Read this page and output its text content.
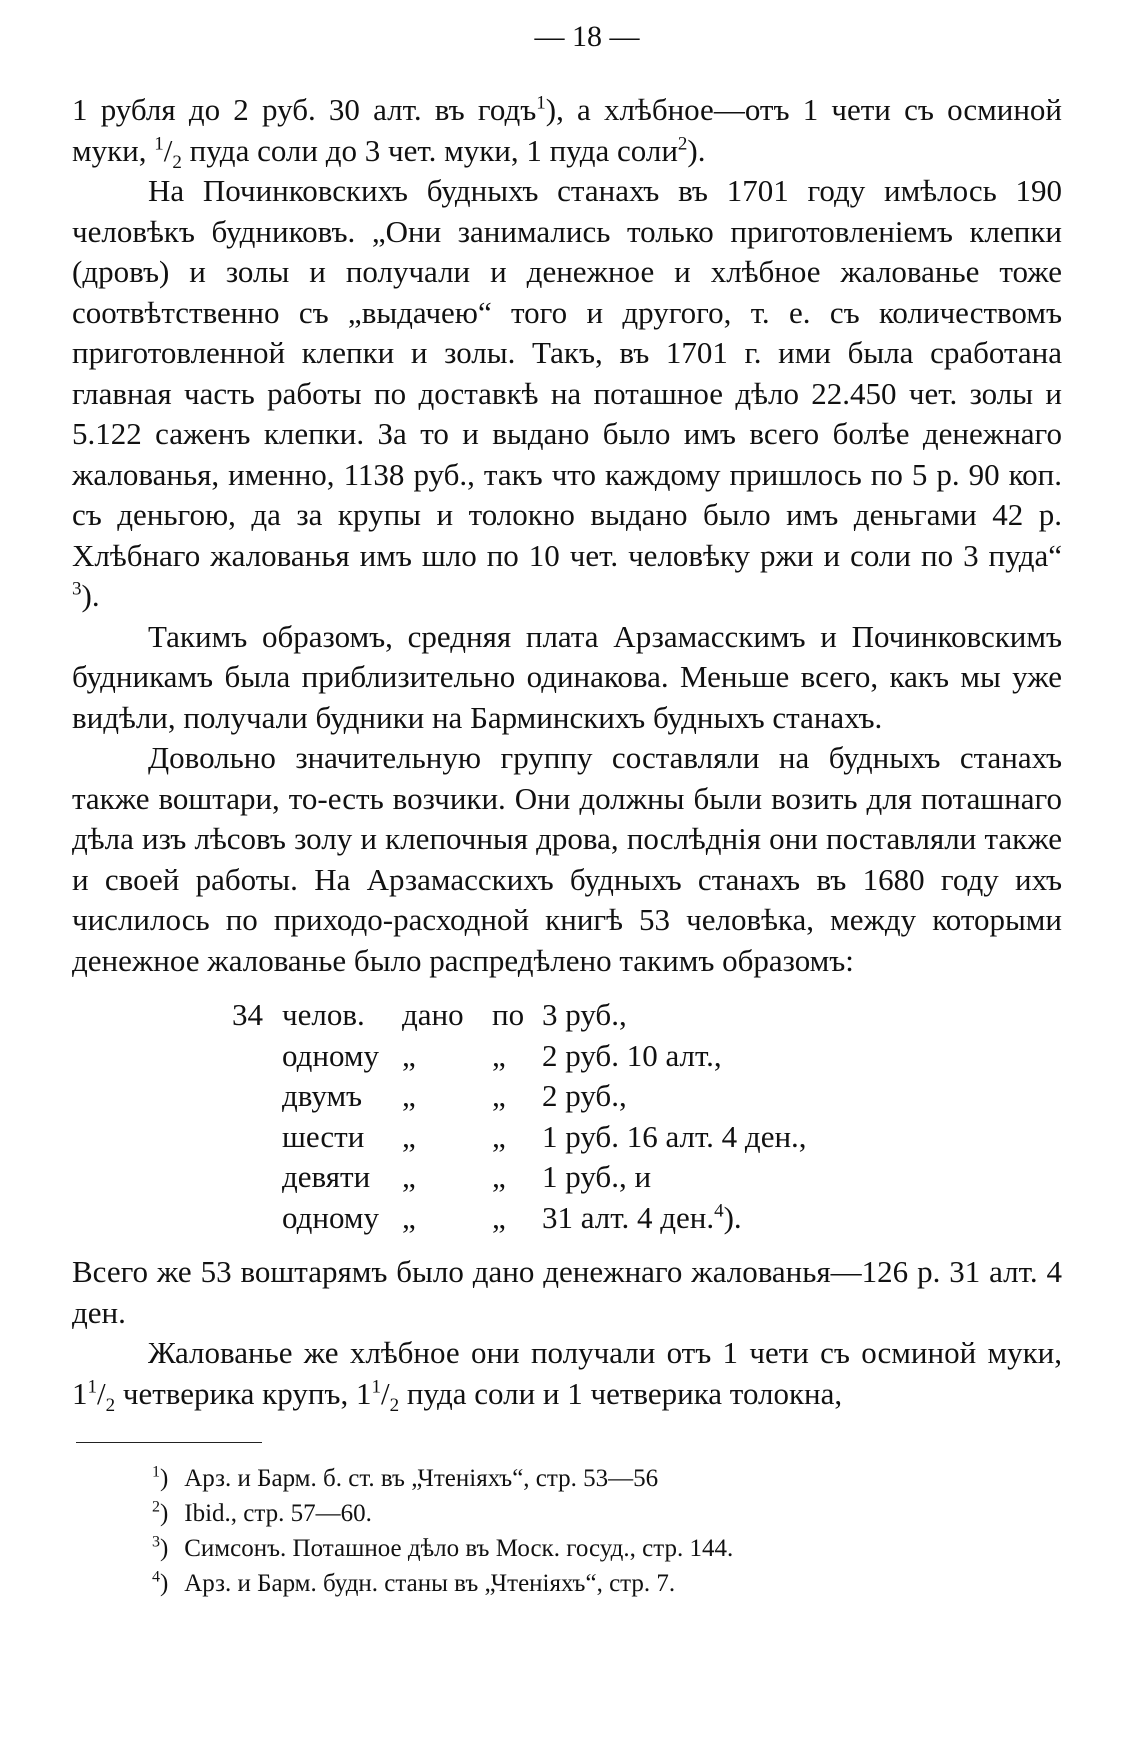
— 18 —

1 рубля до 2 руб. 30 алт. въ годъ$^1$), а хлѣбное—отъ 1 чети съ осминой муки, $^1/_2$ пуда соли до 3 чет. муки, 1 пуда соли$^2$).

На Починковскихъ будныхъ станахъ въ 1701 году имѣлось 190 человѣкъ будниковъ. „Они занимались только приготовленіемъ клепки (дровъ) и золы и получали и денежное и хлѣбное жалованье тоже соотвѣтственно съ „выдачею“ того и другого, т. е. съ количествомъ приготовленной клепки и золы. Такъ, въ 1701 г. ими была сработана главная часть работы по доставкѣ на поташное дѣло 22.450 чет. золы и 5.122 саженъ клепки. За то и выдано было имъ всего болѣе денежнаго жалованья, именно, 1138 руб., такъ что каждому пришлось по 5 р. 90 коп. съ деньгою, да за крупы и толокно выдано было имъ деньгами 42 р. Хлѣбнаго жалованья имъ шло по 10 чет. человѣку ржи и соли по 3 пуда“ $^3$).

Такимъ образомъ, средняя плата Арзамасскимъ и Починковскимъ будникамъ была приблизительно одинакова. Меньше всего, какъ мы уже видѣли, получали будники на Барминскихъ будныхъ станахъ.

Довольно значительную группу составляли на будныхъ станахъ также воштари, то-есть возчики. Они должны были возить для поташнаго дѣла изъ лѣсовъ золу и клепочныя дрова, послѣднія они поставляли также и своей работы. На Арзамасскихъ будныхъ станахъ въ 1680 году ихъ числилось по приходо-расходной книгѣ 53 человѣка, между которыми денежное жалованье было распредѣлено такимъ образомъ:

34	челов.	дано	по	3 руб.,
	одному	„	„	2 руб. 10 алт.,
	двумъ	„	„	2 руб.,
	шести	„	„	1 руб. 16 алт. 4 ден.,
	девяти	„	„	1 руб., и
	одному	„	„	31 алт. 4 ден.$^4$).

Всего же 53 воштарямъ было дано денежнаго жалованья—126 р. 31 алт. 4 ден.

Жалованье же хлѣбное они получали отъ 1 чети съ осминой муки, $1^1/_2$ четверика крупъ, $1^1/_2$ пуда соли и 1 четверика толокна,

$^1$) Арз. и Барм. б. ст. въ „Чтеніяхъ“, стр. 53—56
$^2$) Ibid., стр. 57—60.
$^3$) Симсонъ. Поташное дѣло въ Моск. госуд., стр. 144.
$^4$) Арз. и Барм. будн. станы въ „Чтеніяхъ“, стр. 7.
